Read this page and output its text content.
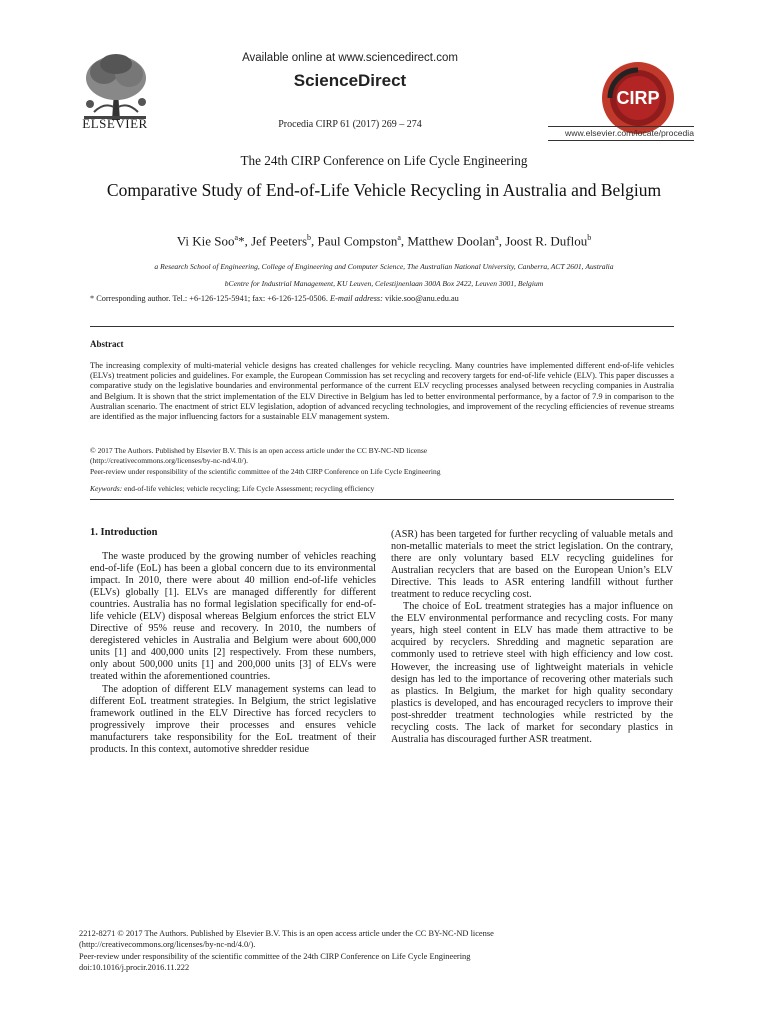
ELSEVIER
Available online at www.sciencedirect.com
ScienceDirect
Procedia CIRP 61 (2017) 269 – 274
CIRP
www.elsevier.com/locate/procedia
The 24th CIRP Conference on Life Cycle Engineering
Comparative Study of End-of-Life Vehicle Recycling in Australia and Belgium
Vi Kie Soo$^a$*, Jef Peeters$^b$, Paul Compston$^a$, Matthew Doolan$^a$, Joost R. Duflou$^b$
a Research School of Engineering, College of Engineering and Computer Science, The Australian National University, Canberra, ACT 2601, Australia
bCentre for Industrial Management, KU Leuven, Celestijnenlaan 300A Box 2422, Leuven 3001, Belgium
* Corresponding author. Tel.: +6-126-125-5941; fax: +6-126-125-0506. E-mail address: vikie.soo@anu.edu.au
Abstract
The increasing complexity of multi-material vehicle designs has created challenges for vehicle recycling. Many countries have implemented different end-of-life vehicles (ELVs) treatment policies and guidelines. For example, the European Commission has set recycling and recovery targets for end-of-life vehicle (ELV). This paper discusses a comparative study on the legislative boundaries and environmental performance of the current ELV recycling processes analysed between recycling companies in Australia and Belgium. It is shown that the strict implementation of the ELV Directive in Belgium has led to better environmental performance, by a factor of 7.9 in comparison to the Australian scenario. The enactment of strict ELV legislation, adoption of advanced recycling technologies, and improvement of the recycling efficiencies of revenue streams are identified as the major influencing factors for a sustainable ELV management system.
© 2017 The Authors. Published by Elsevier B.V. This is an open access article under the CC BY-NC-ND license
(http://creativecommons.org/licenses/by-nc-nd/4.0/).
Peer-review under responsibility of the scientific committee of the 24th CIRP Conference on Life Cycle Engineering
Keywords: end-of-life vehicles; vehicle recycling; Life Cycle Assessment; recycling efficiency
1. Introduction

The waste produced by the growing number of vehicles reaching end-of-life (EoL) has been a global concern due to its environmental impact. In 2010, there were about 40 million end-of-life vehicles (ELVs) globally [1]. ELVs are managed differently for different countries. Australia has no formal legislation specifically for end-of-life vehicle (ELV) disposal whereas Belgium enforces the strict ELV Directive of 95% reuse and recovery. In 2010, the numbers of deregistered vehicles in Australia and Belgium were about 600,000 units [1] and 400,000 units [2] respectively. From these numbers, only about 500,000 units [1] and 200,000 units [3] of ELVs were treated within the aforementioned countries.

The adoption of different ELV management systems can lead to different EoL treatment strategies. In Belgium, the strict legislative framework outlined in the ELV Directive has forced recyclers to progressively improve their processes and ensures vehicle manufacturers take responsibility for the EoL treatment of their products. In this context, automotive shredder residue

(ASR) has been targeted for further recycling of valuable metals and non-metallic materials to meet the strict legislation. On the contrary, there are only voluntary based ELV recycling guidelines for Australian recyclers that are based on the European Union’s ELV Directive. This leads to ASR entering landfill without further treatment to reduce recycling cost.

The choice of EoL treatment strategies has a major influence on the ELV environmental performance and recycling costs. For many years, high steel content in ELV has made them attractive to be acquired by recyclers. Shredding and magnetic separation are commonly used to retrieve steel with high efficiency and low cost. However, the increasing use of lightweight materials in vehicle design has led to the importance of recovering other materials such as plastics. In Belgium, the market for high quality secondary plastics is developed, and has encouraged recyclers to improve their post-shredder treatment technologies while restricted by the recycling costs. The lack of market for secondary plastics in Australia has discouraged further ASR treatment.

2212-8271 © 2017 The Authors. Published by Elsevier B.V. This is an open access article under the CC BY-NC-ND license
(http://creativecommons.org/licenses/by-nc-nd/4.0/).
Peer-review under responsibility of the scientific committee of the 24th CIRP Conference on Life Cycle Engineering
doi:10.1016/j.procir.2016.11.222
